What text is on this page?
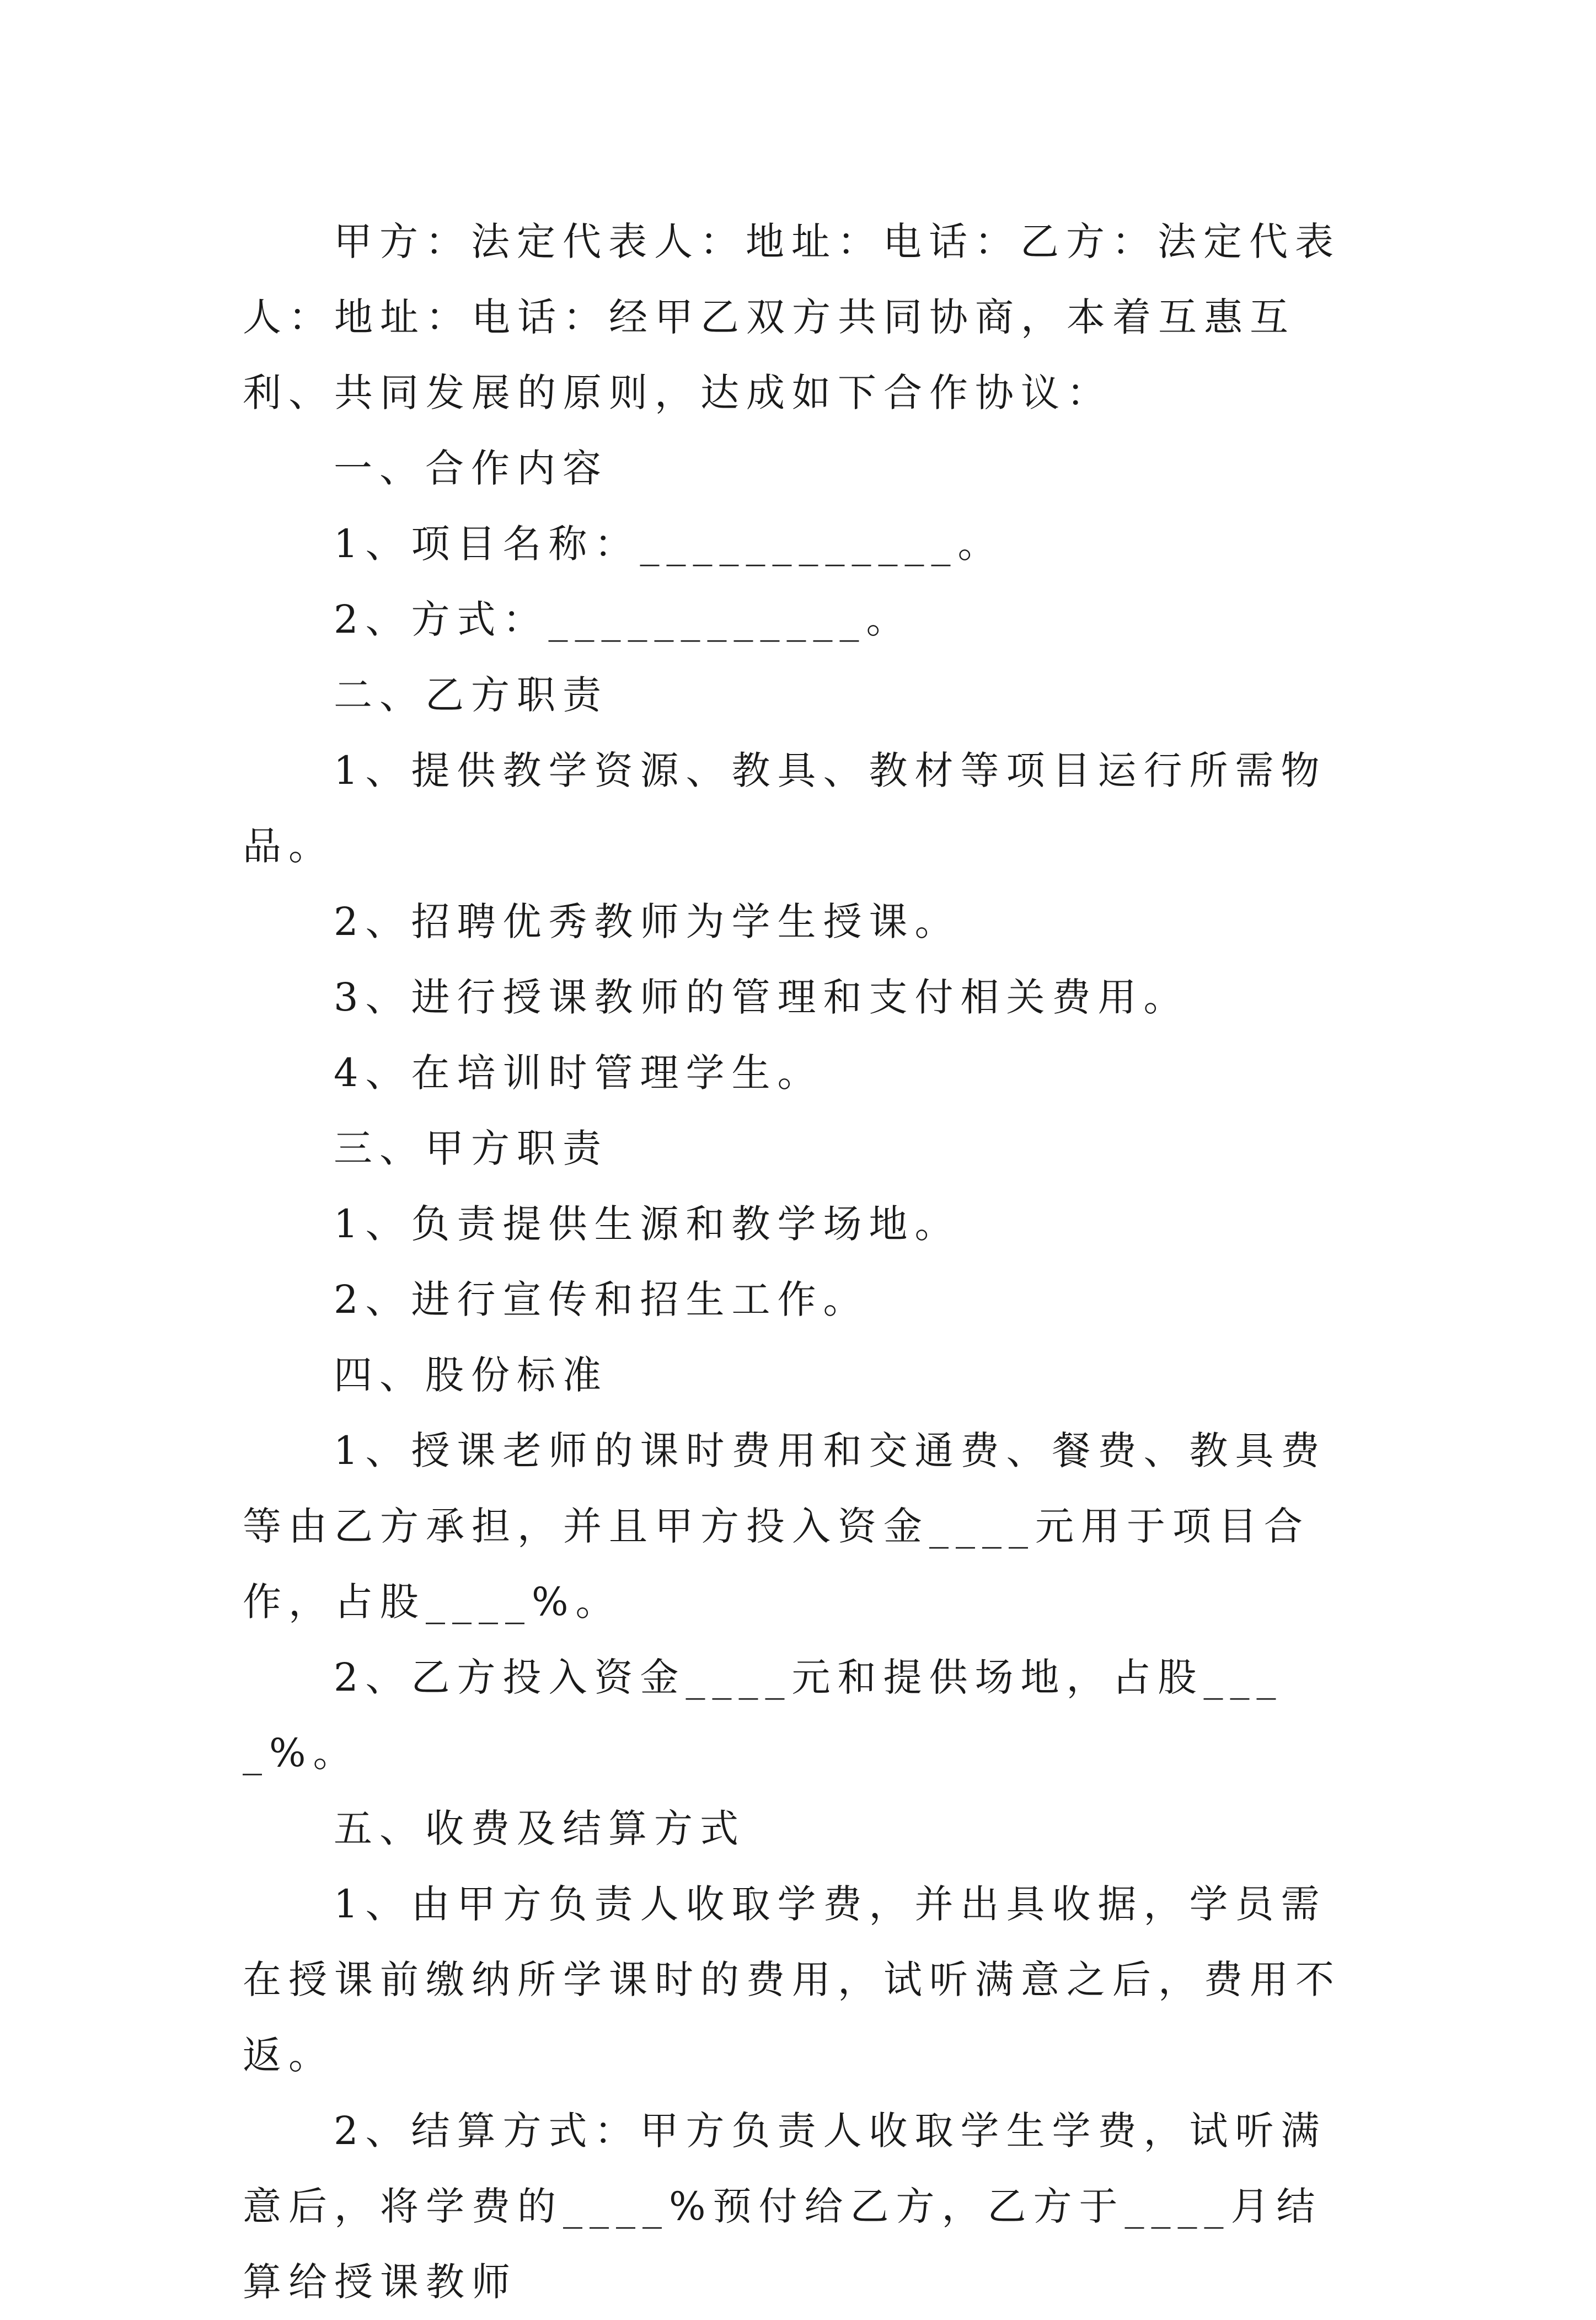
甲方：法定代表人：地址：电话：乙方：法定代表人：地址：电话：经甲乙双方共同协商，本着互惠互利、共同发展的原则，达成如下合作协议：

一、合作内容

1、项目名称：____________。

2、方式：____________。

二、乙方职责

1、提供教学资源、教具、教材等项目运行所需物品。

2、招聘优秀教师为学生授课。

3、进行授课教师的管理和支付相关费用。

4、在培训时管理学生。

三、甲方职责

1、负责提供生源和教学场地。

2、进行宣传和招生工作。

四、股份标准

1、授课老师的课时费用和交通费、餐费、教具费等由乙方承担，并且甲方投入资金____元用于项目合作，占股____%。

2、乙方投入资金____元和提供场地，占股____%。

五、收费及结算方式

1、由甲方负责人收取学费，并出具收据，学员需在授课前缴纳所学课时的费用，试听满意之后，费用不返。

2、结算方式：甲方负责人收取学生学费，试听满意后，将学费的____%预付给乙方，乙方于____月结算给授课教师
